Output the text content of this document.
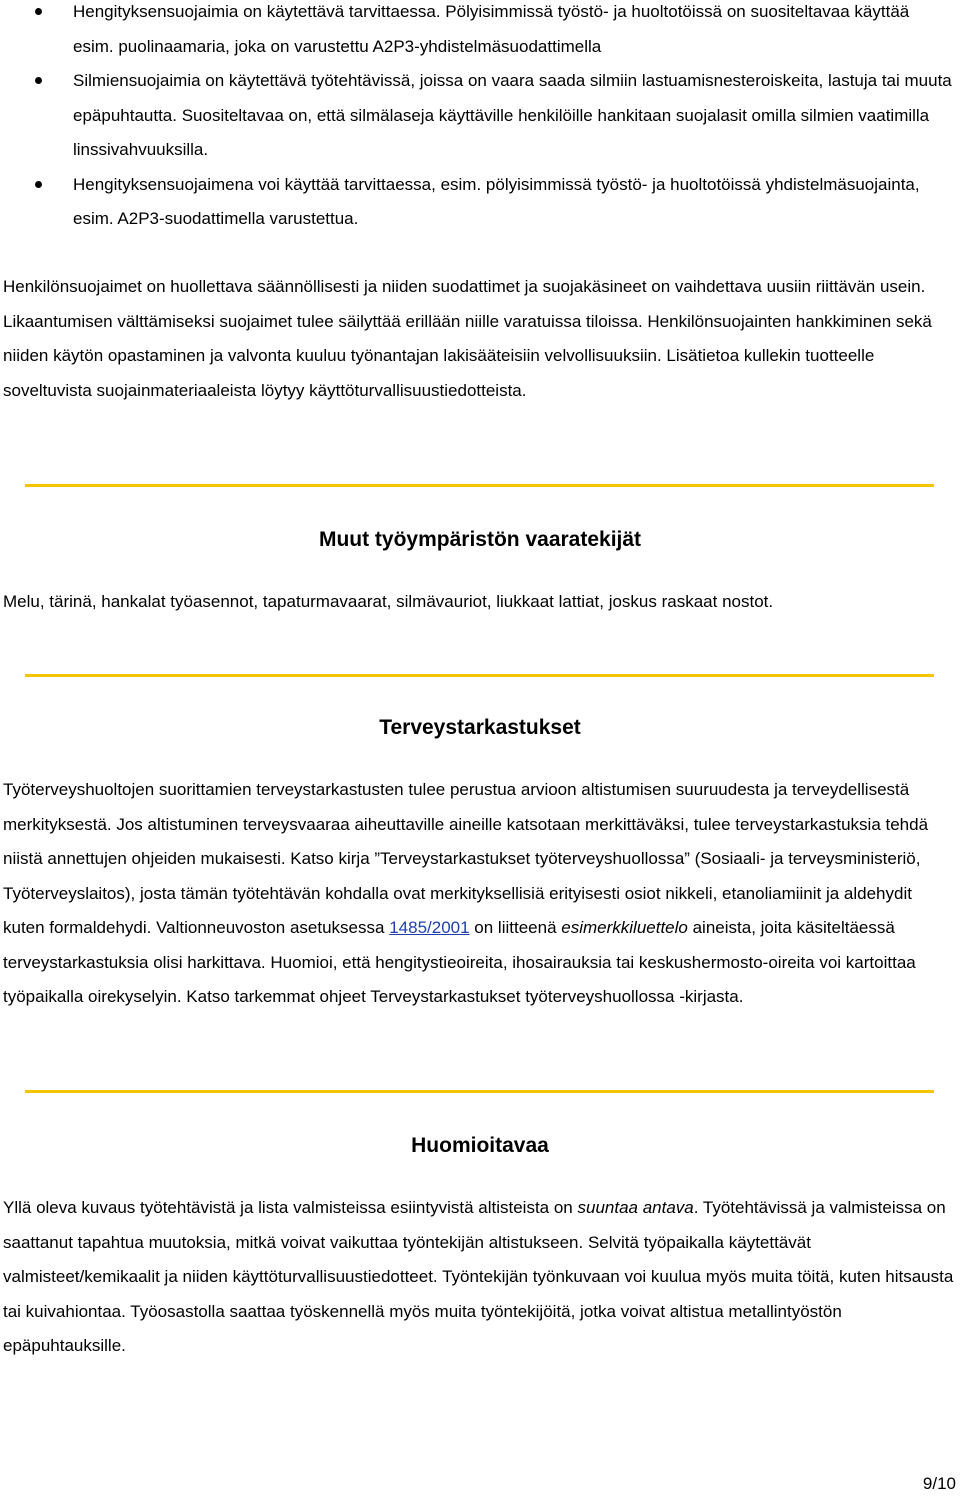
Hengityksensuojaimia on käytettävä tarvittaessa. Pölyisimmissä työstö- ja huoltotöissä on suositeltavaa käyttää esim. puolinaamaria, joka on varustettu A2P3-yhdistelmäsuodattimella
Silmiensuojaimia on käytettävä työtehtävissä, joissa on vaara saada silmiin lastuamisnesteroiskeita, lastuja tai muuta epäpuhtautta. Suositeltavaa on, että silmälaseja käyttäville henkilöille hankitaan suojalasit omilla silmien vaatimilla linssivahvuuksilla.
Hengityksensuojaimena voi käyttää tarvittaessa, esim. pölyisimmissä työstö- ja huoltotöissä yhdistelmäsuojainta, esim. A2P3-suodattimella varustettua.

Henkilönsuojaimet on huollettava säännöllisesti ja niiden suodattimet ja suojakäsineet on vaihdettava uusiin riittävän usein. Likaantumisen välttämiseksi suojaimet tulee säilyttää erillään niille varatuissa tiloissa. Henkilönsuojainten hankkiminen sekä niiden käytön opastaminen ja valvonta kuuluu työnantajan lakisääteisiin velvollisuuksiin. Lisätietoa kullekin tuotteelle soveltuvista suojainmateriaaleista löytyy käyttöturvallisuustiedotteista.

Muut työympäristön vaaratekijät

Melu, tärinä, hankalat työasennot, tapaturmavaarat, silmävauriot, liukkaat lattiat, joskus raskaat nostot.

Terveystarkastukset

Työterveyshuoltojen suorittamien terveystarkastusten tulee perustua arvioon altistumisen suuruudesta ja terveydellisestä merkityksestä. Jos altistuminen terveysvaaraa aiheuttaville aineille katsotaan merkittäväksi, tulee terveystarkastuksia tehdä niistä annettujen ohjeiden mukaisesti. Katso kirja ”Terveystarkastukset työterveyshuollossa” (Sosiaali- ja terveysministeriö, Työterveyslaitos), josta tämän työtehtävän kohdalla ovat merkityksellisiä erityisesti osiot nikkeli, etanoliamiinit ja aldehydit kuten formaldehydi. Valtionneuvoston asetuksessa 1485/2001 on liitteenä esimerkkiluettelo aineista, joita käsiteltäessä terveystarkastuksia olisi harkittava. Huomioi, että hengitystieoireita, ihosairauksia tai keskushermosto-oireita voi kartoittaa työpaikalla oirekyselyin. Katso tarkemmat ohjeet Terveystarkastukset työterveyshuollossa -kirjasta.

Huomioitavaa

Yllä oleva kuvaus työtehtävistä ja lista valmisteissa esiintyvistä altisteista on suuntaa antava. Työtehtävissä ja valmisteissa on saattanut tapahtua muutoksia, mitkä voivat vaikuttaa työntekijän altistukseen. Selvitä työpaikalla käytettävät valmisteet/kemikaalit ja niiden käyttöturvallisuustiedotteet. Työntekijän työnkuvaan voi kuulua myös muita töitä, kuten hitsausta tai kuivahiontaa. Työosastolla saattaa työskennellä myös muita työntekijöitä, jotka voivat altistua metallintyöstön epäpuhtauksille.

9/10
